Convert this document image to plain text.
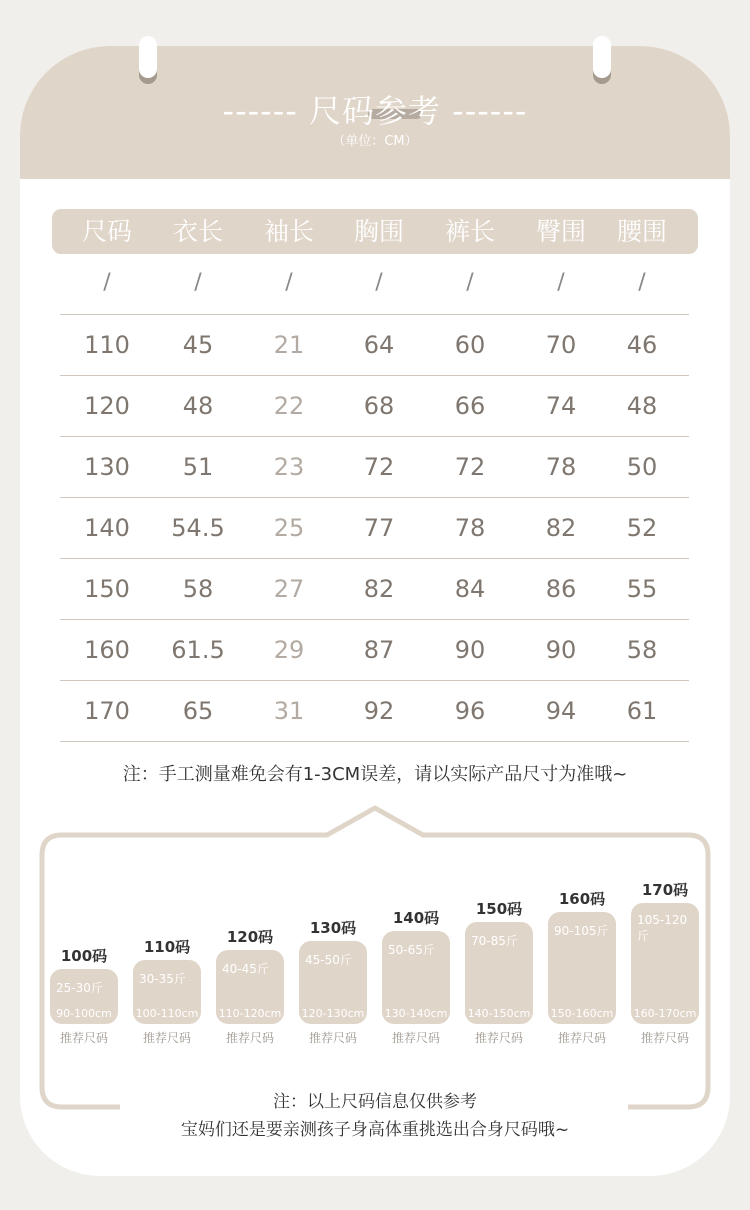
------ 尺码参考 ------
（单位：CM）
尺码	衣长	袖长	胸围	裤长	臀围	腰围
/	/	/	/	/	/	/
110	45	21	64	60	70	46
120	48	22	68	66	74	48
130	51	23	72	72	78	50
140	54.5	25	77	78	82	52
150	58	27	82	84	86	55
160	61.5	29	87	90	90	58
170	65	31	92	96	94	61
注：手工测量难免会有1-3CM误差，请以实际产品尺寸为准哦~
100码
25-30斤
90-100cm
推荐尺码
110码
30-35斤
100-110cm
推荐尺码
120码
40-45斤
110-120cm
推荐尺码
130码
45-50斤
120-130cm
推荐尺码
140码
50-65斤
130-140cm
推荐尺码
150码
70-85斤
140-150cm
推荐尺码
160码
90-105斤
150-160cm
推荐尺码
170码
105-120斤
160-170cm
推荐尺码
注：以上尺码信息仅供参考
宝妈们还是要亲测孩子身高体重挑选出合身尺码哦~
